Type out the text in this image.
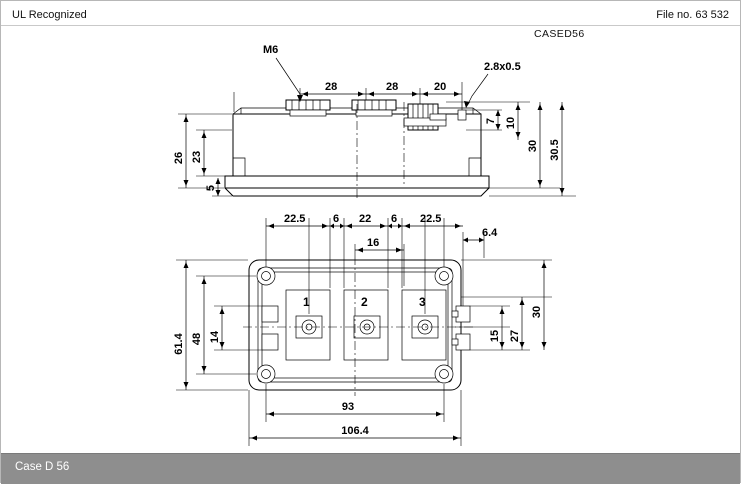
UL Recognized	File no. 63 532
CASED56
M6
2.8x0.5
28	28	20
26 23
5
7 10
30 30.5
1	2	3
22.5	6 22 6 22.5
6.4
16
61.4 48 14	15 27
30
93
106.4
Case D 56
